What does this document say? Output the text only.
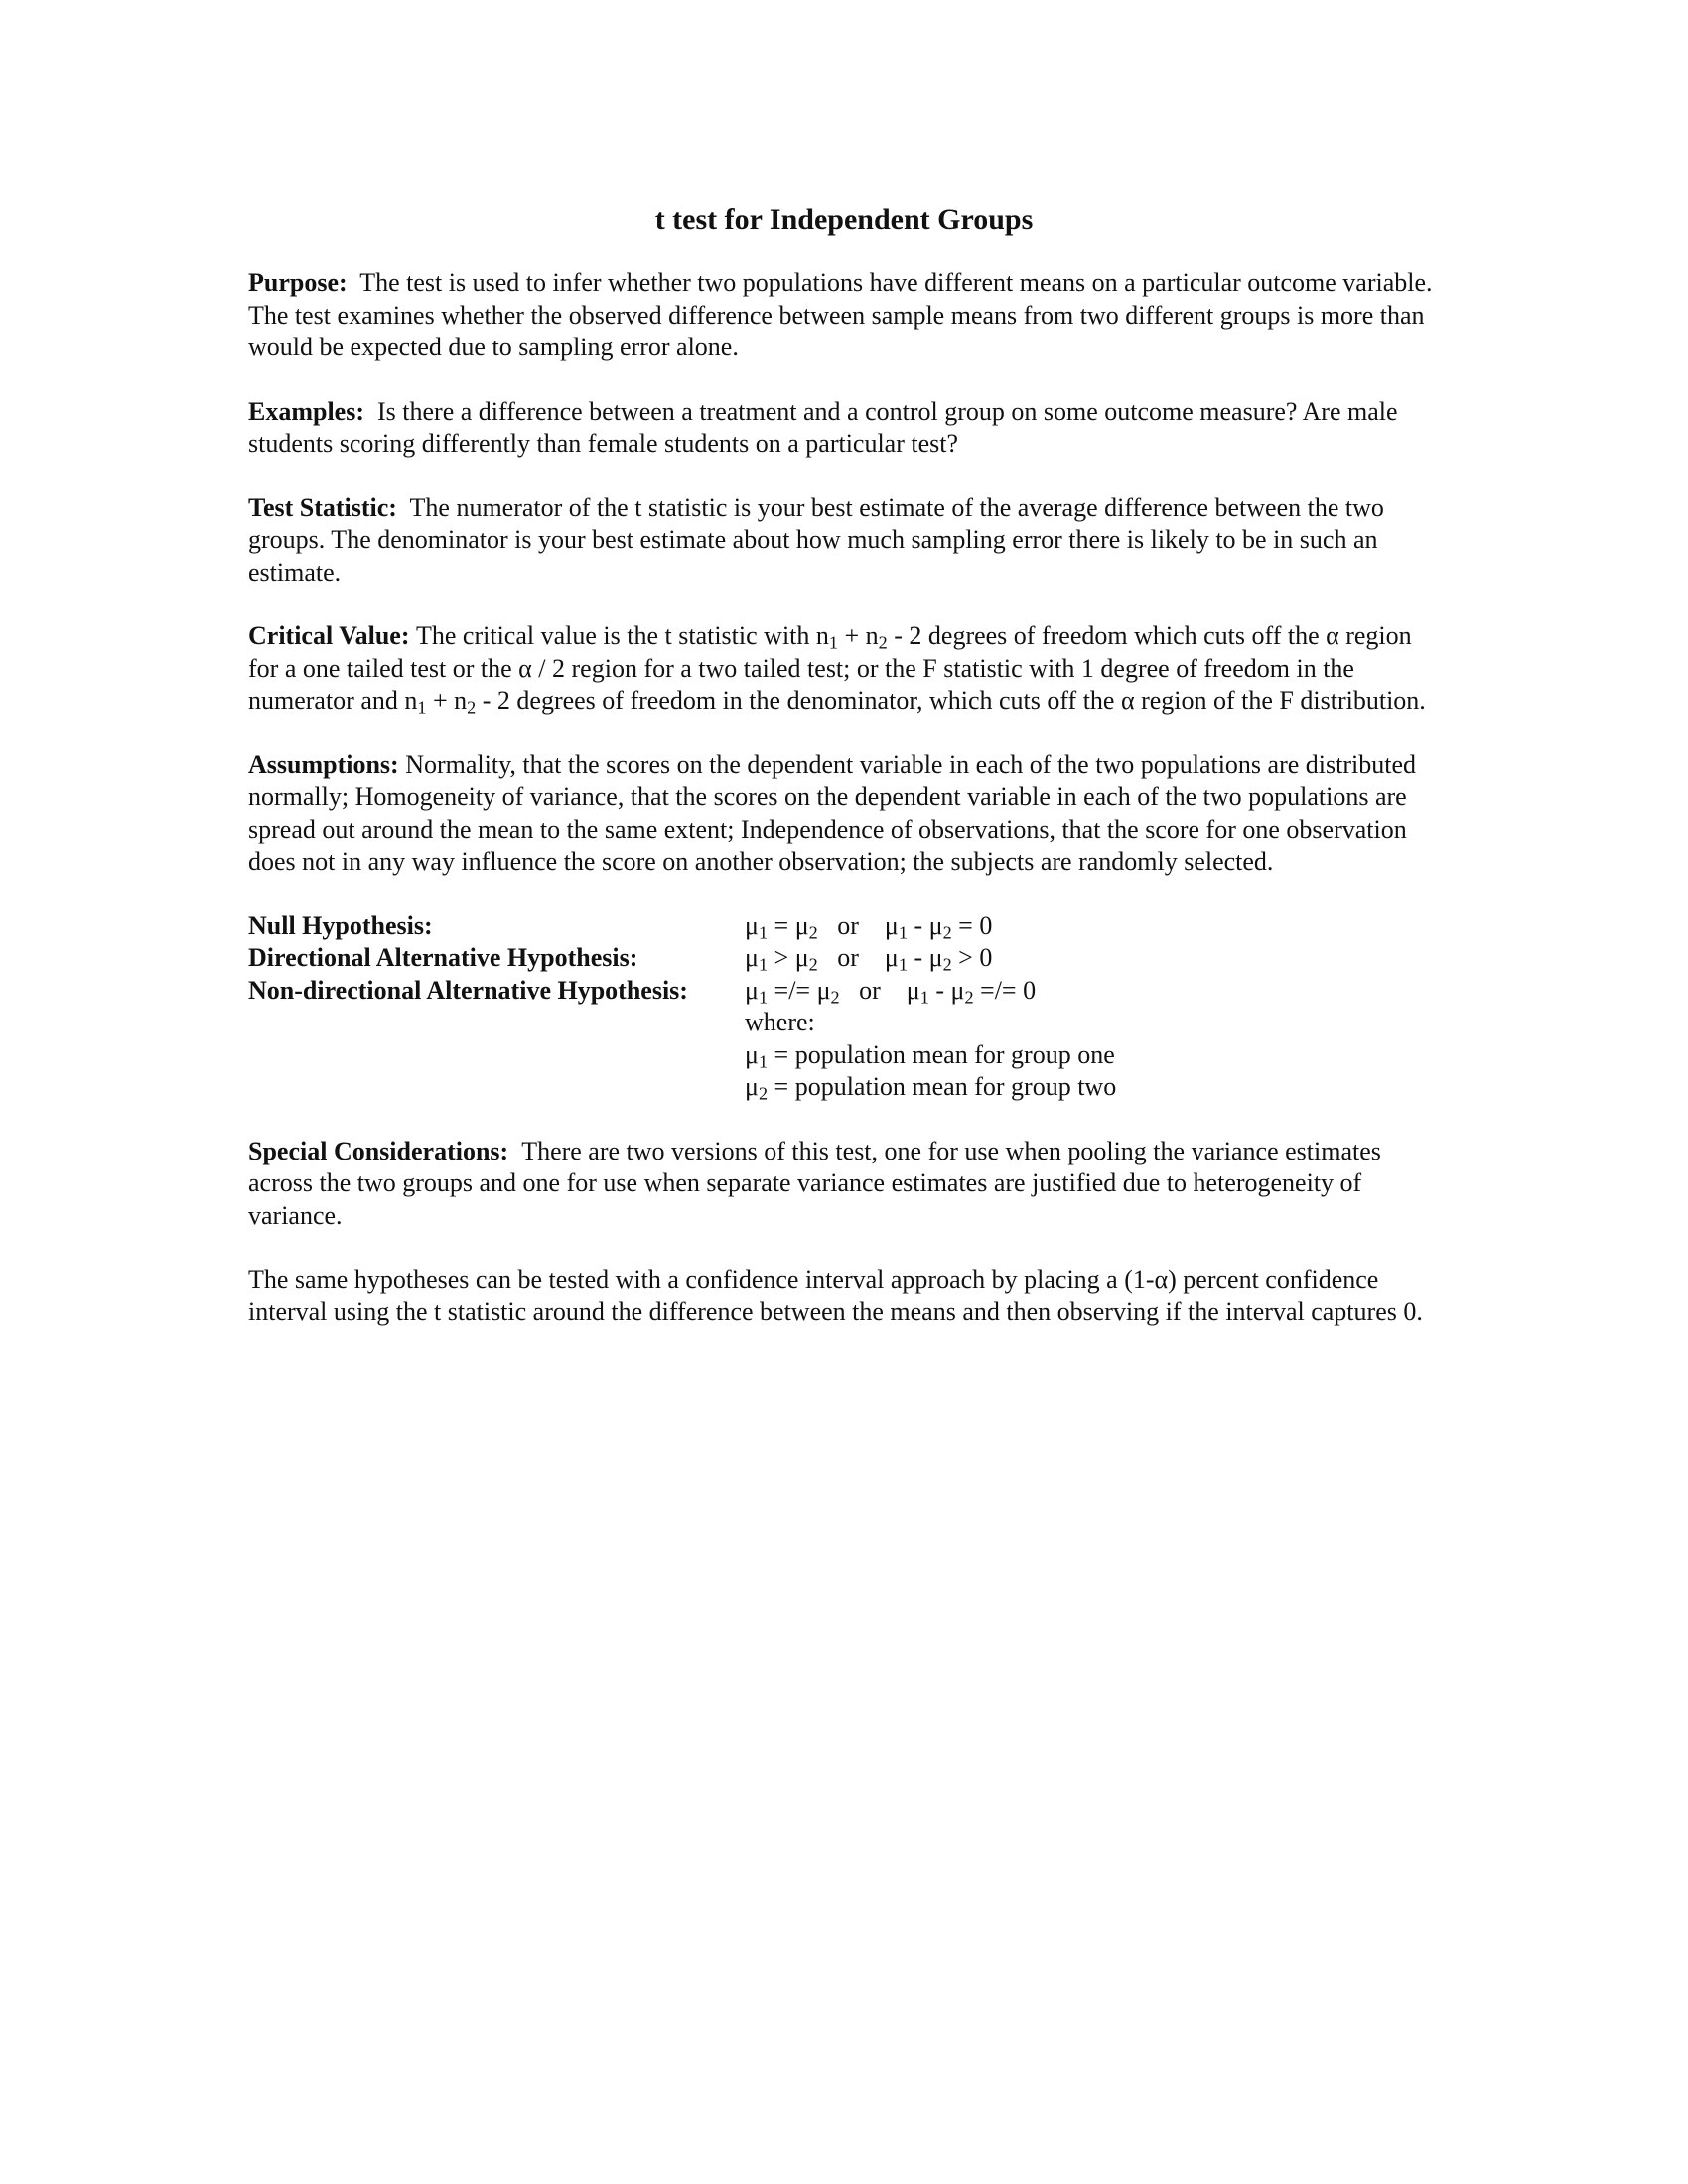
t test for Independent Groups

Purpose: The test is used to infer whether two populations have different means on a particular outcome variable. The test examines whether the observed difference between sample means from two different groups is more than would be expected due to sampling error alone.

Examples: Is there a difference between a treatment and a control group on some outcome measure? Are male students scoring differently than female students on a particular test?

Test Statistic: The numerator of the t statistic is your best estimate of the average difference between the two groups. The denominator is your best estimate about how much sampling error there is likely to be in such an estimate.

Critical Value: The critical value is the t statistic with $n_1 + n_2 - 2$ degrees of freedom which cuts off the α region for a one tailed test or the α / 2 region for a two tailed test; or the F statistic with 1 degree of freedom in the numerator and $n_1 + n_2 - 2$ degrees of freedom in the denominator, which cuts off the α region of the F distribution.

Assumptions: Normality, that the scores on the dependent variable in each of the two populations are distributed normally; Homogeneity of variance, that the scores on the dependent variable in each of the two populations are spread out around the mean to the same extent; Independence of observations, that the score for one observation does not in any way influence the score on another observation; the subjects are randomly selected.

Null Hypothesis:	$\mu_1 = \mu_2$   or    $\mu_1 - \mu_2 = 0$
Directional Alternative Hypothesis:	$\mu_1 > \mu_2$   or    $\mu_1 - \mu_2 > 0$
Non-directional Alternative Hypothesis:	$\mu_1$ =/= $\mu_2$   or    $\mu_1 - \mu_2$ =/= 0
where:
$\mu_1$ = population mean for group one
$\mu_2$ = population mean for group two

Special Considerations: There are two versions of this test, one for use when pooling the variance estimates across the two groups and one for use when separate variance estimates are justified due to heterogeneity of variance.

The same hypotheses can be tested with a confidence interval approach by placing a (1-α) percent confidence interval using the t statistic around the difference between the means and then observing if the interval captures 0.
